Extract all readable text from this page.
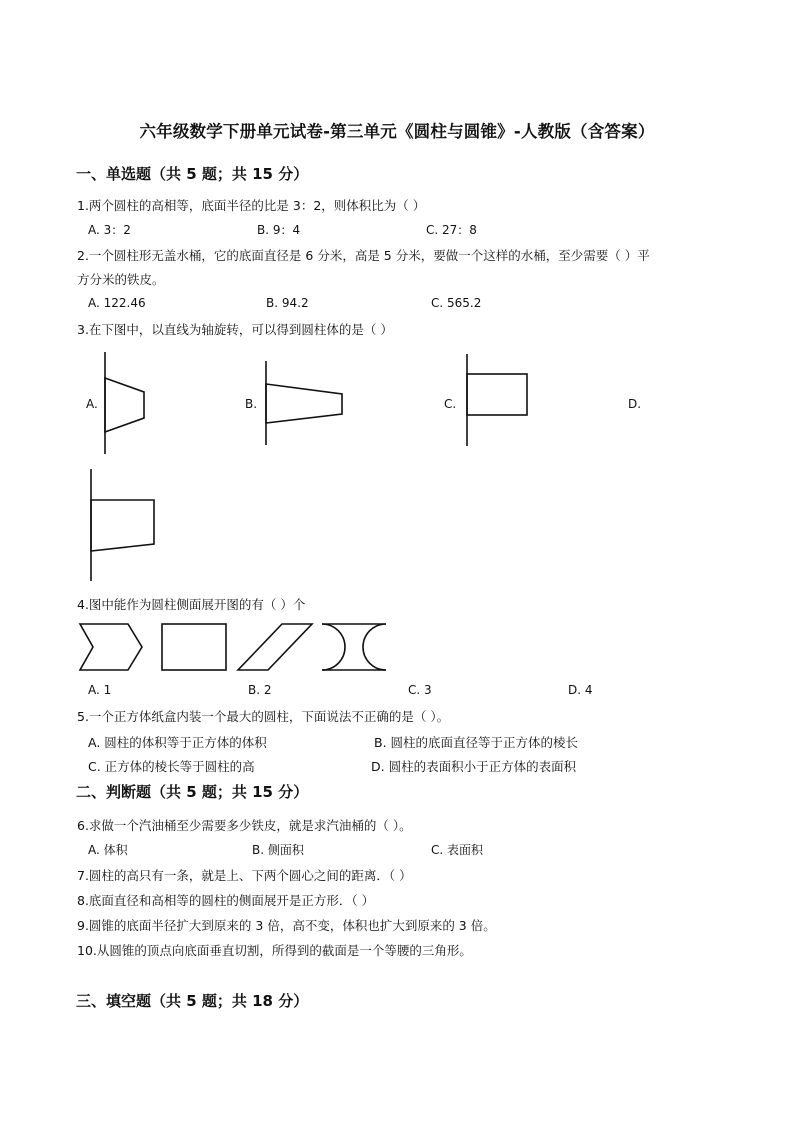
六年级数学下册单元试卷-第三单元《圆柱与圆锥》-人教版（含答案）
一、单选题（共 5 题；共 15 分）
1.两个圆柱的高相等，底面半径的比是 3：2，则体积比为（ ）
A. 3：2	B. 9：4	C. 27：8
2.一个圆柱形无盖水桶，它的底面直径是 6 分米，高是 5 分米，要做一个这样的水桶，至少需要（ ）平
方分米的铁皮。
A. 122.46	B. 94.2	C. 565.2
3.在下图中，以直线为轴旋转，可以得到圆柱体的是（ ）
A.	B.	C.	D.
4.图中能作为圆柱侧面展开图的有（ ）个
A. 1	B. 2	C. 3	D. 4
5.一个正方体纸盒内装一个最大的圆柱，下面说法不正确的是（ ）。
A. 圆柱的体积等于正方体的体积	B. 圆柱的底面直径等于正方体的棱长
C. 正方体的棱长等于圆柱的高	D. 圆柱的表面积小于正方体的表面积
二、判断题（共 5 题；共 15 分）
6.求做一个汽油桶至少需要多少铁皮，就是求汽油桶的（ ）。
A. 体积	B. 侧面积	C. 表面积
7.圆柱的高只有一条，就是上、下两个圆心之间的距离．（ ）
8.底面直径和高相等的圆柱的侧面展开是正方形．（ ）
9.圆锥的底面半径扩大到原来的 3 倍，高不变，体积也扩大到原来的 3 倍。
10.从圆锥的顶点向底面垂直切割，所得到的截面是一个等腰的三角形。
三、填空题（共 5 题；共 18 分）
